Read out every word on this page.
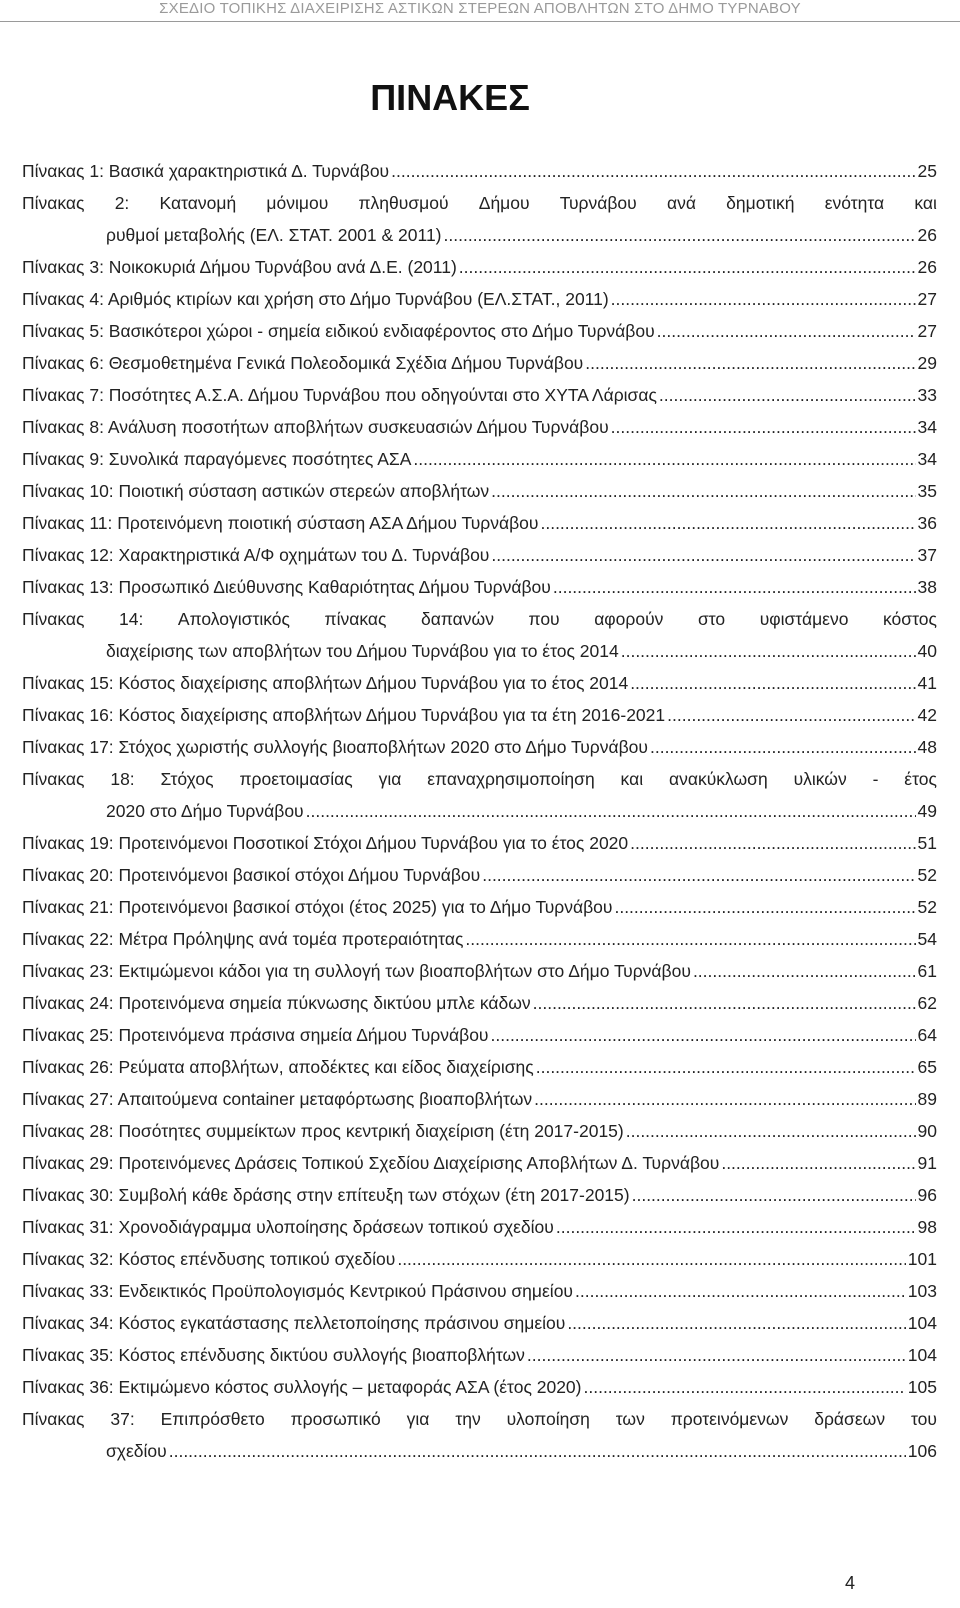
ΣΧΕΔΙΟ ΤΟΠΙΚΗΣ ΔΙΑΧΕΙΡΙΣΗΣ ΑΣΤΙΚΩΝ ΣΤΕΡΕΩΝ ΑΠΟΒΛΗΤΩΝ ΣΤΟ ΔΗΜΟ ΤΥΡΝΑΒΟΥ
ΠΙΝΑΚΕΣ
Πίνακας 1: Βασικά χαρακτηριστικά Δ. Τυρνάβου .....	25
Πίνακας 2: Κατανομή μόνιμου πληθυσμού Δήμου Τυρνάβου ανά δημοτική ενότητα και
ρυθμοί μεταβολής (ΕΛ. ΣΤΑΤ. 2001 & 2011) .....	26
Πίνακας 3: Νοικοκυριά Δήμου Τυρνάβου ανά Δ.Ε. (2011) .....	26
Πίνακας 4: Αριθμός κτιρίων και χρήση στο Δήμο Τυρνάβου (ΕΛ.ΣΤΑΤ., 2011) .....	27
Πίνακας 5: Βασικότεροι χώροι - σημεία ειδικού ενδιαφέροντος στο Δήμο Τυρνάβου .....	27
Πίνακας 6: Θεσμοθετημένα Γενικά Πολεοδομικά Σχέδια Δήμου Τυρνάβου .....	29
Πίνακας 7: Ποσότητες Α.Σ.Α. Δήμου Τυρνάβου που οδηγούνται στο ΧΥΤΑ Λάρισας .....	33
Πίνακας 8: Ανάλυση ποσοτήτων αποβλήτων συσκευασιών Δήμου Τυρνάβου .....	34
Πίνακας 9: Συνολικά παραγόμενες ποσότητες ΑΣΑ .....	34
Πίνακας 10: Ποιοτική σύσταση αστικών στερεών αποβλήτων .....	35
Πίνακας 11: Προτεινόμενη ποιοτική σύσταση ΑΣΑ Δήμου Τυρνάβου .....	36
Πίνακας 12: Χαρακτηριστικά Α/Φ οχημάτων του Δ. Τυρνάβου .....	37
Πίνακας 13: Προσωπικό Διεύθυνσης Καθαριότητας Δήμου Τυρνάβου .....	38
Πίνακας 14: Απολογιστικός πίνακας δαπανών που αφορούν στο υφιστάμενο κόστος
διαχείρισης των αποβλήτων του Δήμου Τυρνάβου για το έτος 2014 .....	40
Πίνακας 15: Κόστος διαχείρισης αποβλήτων Δήμου Τυρνάβου για το έτος 2014 .....	41
Πίνακας 16: Κόστος διαχείρισης αποβλήτων Δήμου Τυρνάβου για τα έτη 2016-2021 .....	42
Πίνακας 17: Στόχος χωριστής συλλογής βιοαποβλήτων 2020 στο Δήμο Τυρνάβου .....	48
Πίνακας 18: Στόχος προετοιμασίας για επαναχρησιμοποίηση και ανακύκλωση υλικών - έτος
2020 στο Δήμο Τυρνάβου .....	49
Πίνακας 19: Προτεινόμενοι Ποσοτικοί Στόχοι Δήμου Τυρνάβου για το έτος 2020 .....	51
Πίνακας 20: Προτεινόμενοι βασικοί στόχοι Δήμου Τυρνάβου .....	52
Πίνακας 21: Προτεινόμενοι βασικοί στόχοι (έτος 2025) για το Δήμο Τυρνάβου .....	52
Πίνακας 22: Μέτρα Πρόληψης ανά τομέα προτεραιότητας .....	54
Πίνακας 23: Εκτιμώμενοι κάδοι για τη συλλογή των βιοαποβλήτων στο Δήμο Τυρνάβου .....	61
Πίνακας 24: Προτεινόμενα σημεία πύκνωσης δικτύου μπλε κάδων .....	62
Πίνακας 25: Προτεινόμενα πράσινα σημεία Δήμου Τυρνάβου .....	64
Πίνακας 26: Ρεύματα αποβλήτων, αποδέκτες και είδος διαχείρισης .....	65
Πίνακας 27: Απαιτούμενα container μεταφόρτωσης βιοαποβλήτων .....	89
Πίνακας 28: Ποσότητες συμμείκτων προς κεντρική διαχείριση (έτη 2017-2015) .....	90
Πίνακας 29: Προτεινόμενες Δράσεις Τοπικού Σχεδίου Διαχείρισης Αποβλήτων Δ. Τυρνάβου .....	91
Πίνακας 30: Συμβολή κάθε δράσης στην επίτευξη των στόχων (έτη 2017-2015) .....	96
Πίνακας 31: Χρονοδιάγραμμα υλοποίησης δράσεων τοπικού σχεδίου .....	98
Πίνακας 32: Κόστος επένδυσης τοπικού σχεδίου .....	101
Πίνακας 33: Ενδεικτικός Προϋπολογισμός Κεντρικού Πράσινου σημείου .....	103
Πίνακας 34: Κόστος εγκατάστασης πελλετοποίησης πράσινου σημείου .....	104
Πίνακας 35: Κόστος επένδυσης δικτύου συλλογής βιοαποβλήτων .....	104
Πίνακας 36: Εκτιμώμενο κόστος συλλογής – μεταφοράς ΑΣΑ (έτος 2020) .....	105
Πίνακας 37: Επιπρόσθετο προσωπικό για την υλοποίηση των προτεινόμενων δράσεων του
σχεδίου .....	106
4
